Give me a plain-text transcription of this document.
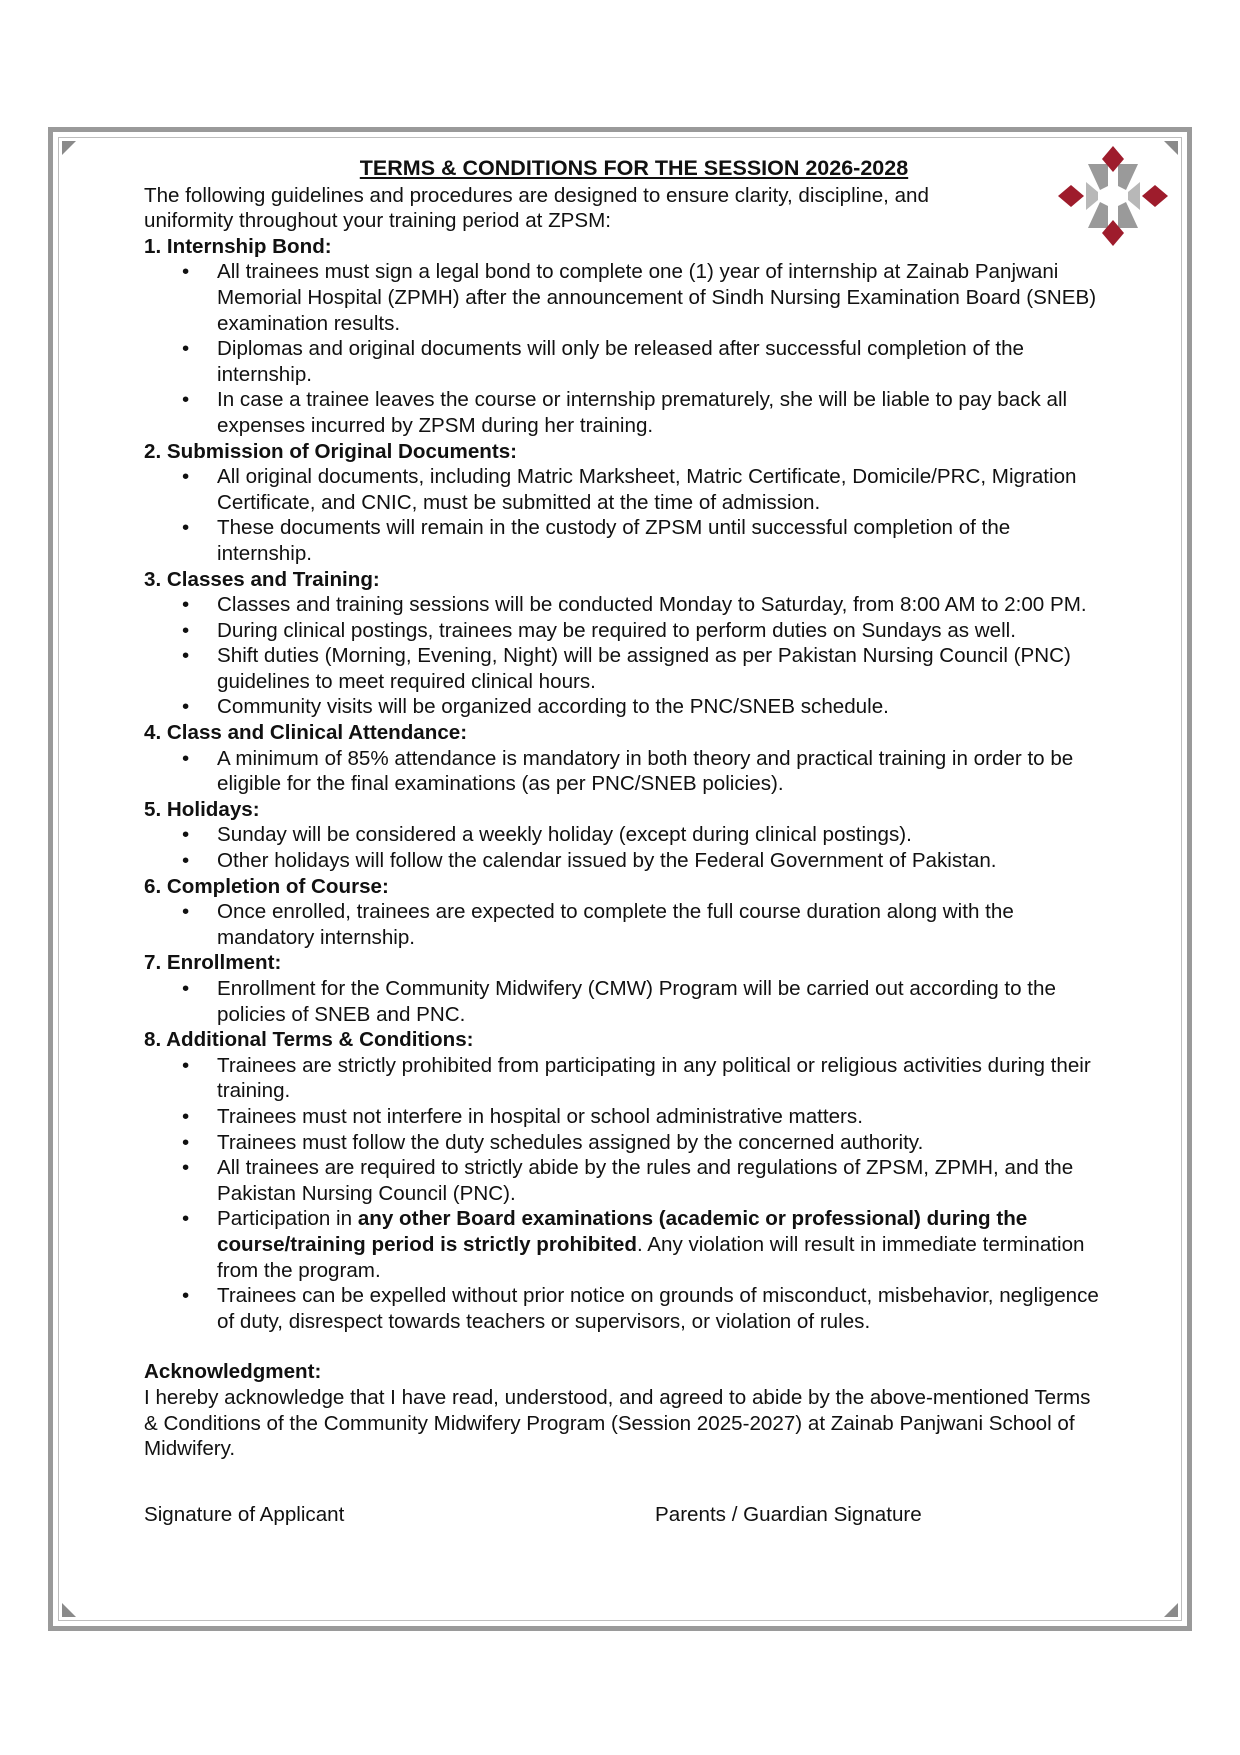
TERMS & CONDITIONS FOR THE SESSION 2026-2028

The following guidelines and procedures are designed to ensure clarity, discipline, and uniformity throughout your training period at ZPSM:

1. Internship Bond:
• All trainees must sign a legal bond to complete one (1) year of internship at Zainab Panjwani Memorial Hospital (ZPMH) after the announcement of Sindh Nursing Examination Board (SNEB) examination results.
• Diplomas and original documents will only be released after successful completion of the internship.
• In case a trainee leaves the course or internship prematurely, she will be liable to pay back all expenses incurred by ZPSM during her training.
2. Submission of Original Documents:
• All original documents, including Matric Marksheet, Matric Certificate, Domicile/PRC, Migration Certificate, and CNIC, must be submitted at the time of admission.
• These documents will remain in the custody of ZPSM until successful completion of the internship.
3. Classes and Training:
• Classes and training sessions will be conducted Monday to Saturday, from 8:00 AM to 2:00 PM.
• During clinical postings, trainees may be required to perform duties on Sundays as well.
• Shift duties (Morning, Evening, Night) will be assigned as per Pakistan Nursing Council (PNC) guidelines to meet required clinical hours.
• Community visits will be organized according to the PNC/SNEB schedule.
4. Class and Clinical Attendance:
• A minimum of 85% attendance is mandatory in both theory and practical training in order to be eligible for the final examinations (as per PNC/SNEB policies).
5. Holidays:
• Sunday will be considered a weekly holiday (except during clinical postings).
• Other holidays will follow the calendar issued by the Federal Government of Pakistan.
6. Completion of Course:
• Once enrolled, trainees are expected to complete the full course duration along with the mandatory internship.
7. Enrollment:
• Enrollment for the Community Midwifery (CMW) Program will be carried out according to the policies of SNEB and PNC.
8. Additional Terms & Conditions:
• Trainees are strictly prohibited from participating in any political or religious activities during their training.
• Trainees must not interfere in hospital or school administrative matters.
• Trainees must follow the duty schedules assigned by the concerned authority.
• All trainees are required to strictly abide by the rules and regulations of ZPSM, ZPMH, and the Pakistan Nursing Council (PNC).
• Participation in any other Board examinations (academic or professional) during the course/training period is strictly prohibited. Any violation will result in immediate termination from the program.
• Trainees can be expelled without prior notice on grounds of misconduct, misbehavior, negligence of duty, disrespect towards teachers or supervisors, or violation of rules.
Acknowledgment:

I hereby acknowledge that I have read, understood, and agreed to abide by the above-mentioned Terms & Conditions of the Community Midwifery Program (Session 2025-2027) at Zainab Panjwani School of Midwifery.

Signature of Applicant	Parents / Guardian Signature
